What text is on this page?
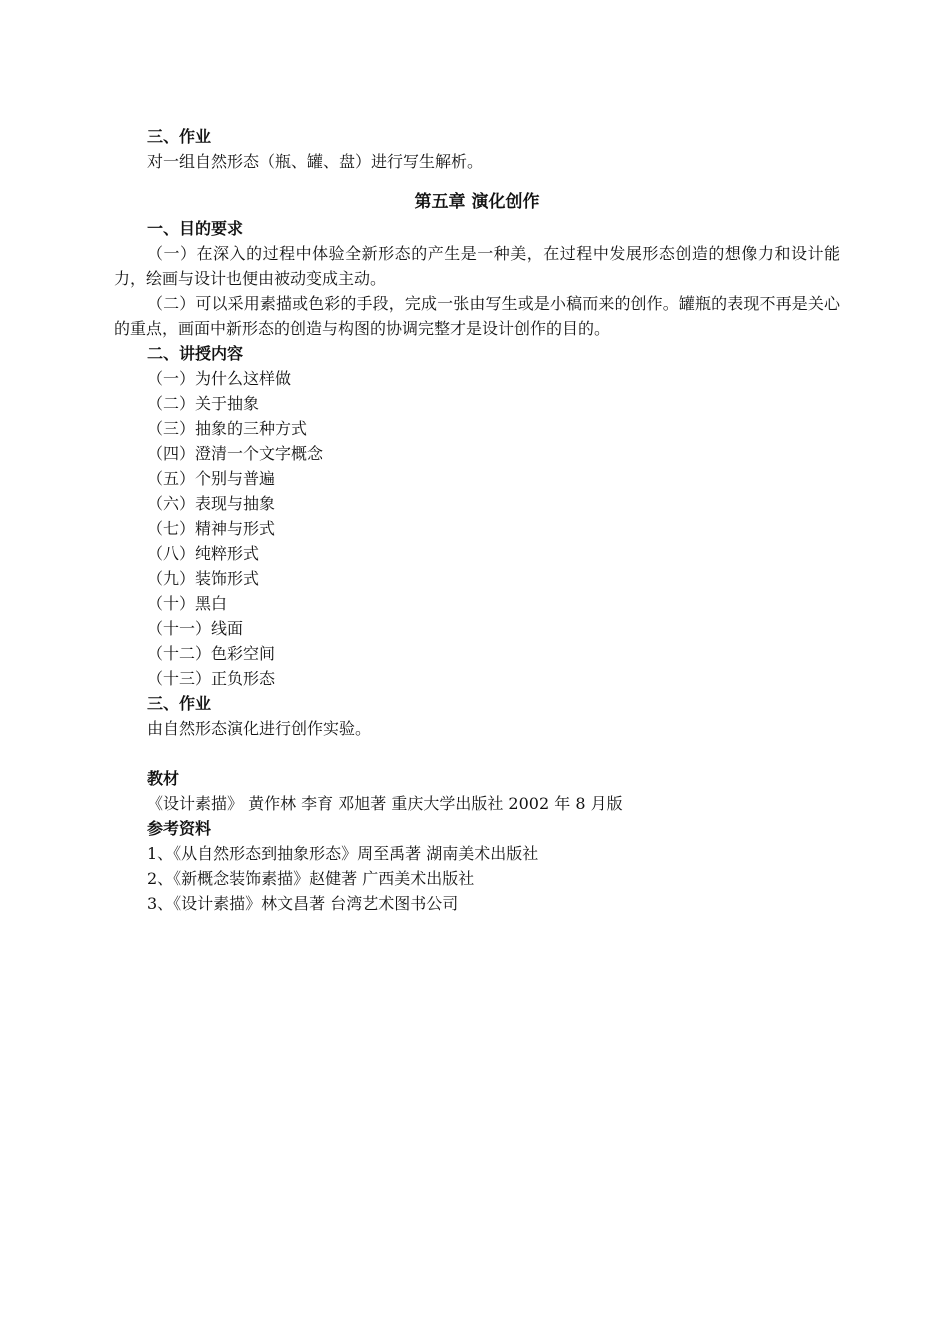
三、作业
对一组自然形态（瓶、罐、盘）进行写生解析。
第五章 演化创作
一、目的要求
（一）在深入的过程中体验全新形态的产生是一种美，在过程中发展形态创造的想像力和设计能力，绘画与设计也便由被动变成主动。
（二）可以采用素描或色彩的手段，完成一张由写生或是小稿而来的创作。罐瓶的表现不再是关心的重点，画面中新形态的创造与构图的协调完整才是设计创作的目的。
二、讲授内容
（一）为什么这样做
（二）关于抽象
（三）抽象的三种方式
（四）澄清一个文字概念
（五）个别与普遍
（六）表现与抽象
（七）精神与形式
（八）纯粹形式
（九）装饰形式
（十）黑白
（十一）线面
（十二）色彩空间
（十三）正负形态
三、作业
由自然形态演化进行创作实验。
教材
《设计素描》 黄作林 李育 邓旭著 重庆大学出版社 2002 年 8 月版
参考资料
1、《从自然形态到抽象形态》周至禹著 湖南美术出版社
2、《新概念装饰素描》赵健著 广西美术出版社
3、《设计素描》林文昌著 台湾艺术图书公司
